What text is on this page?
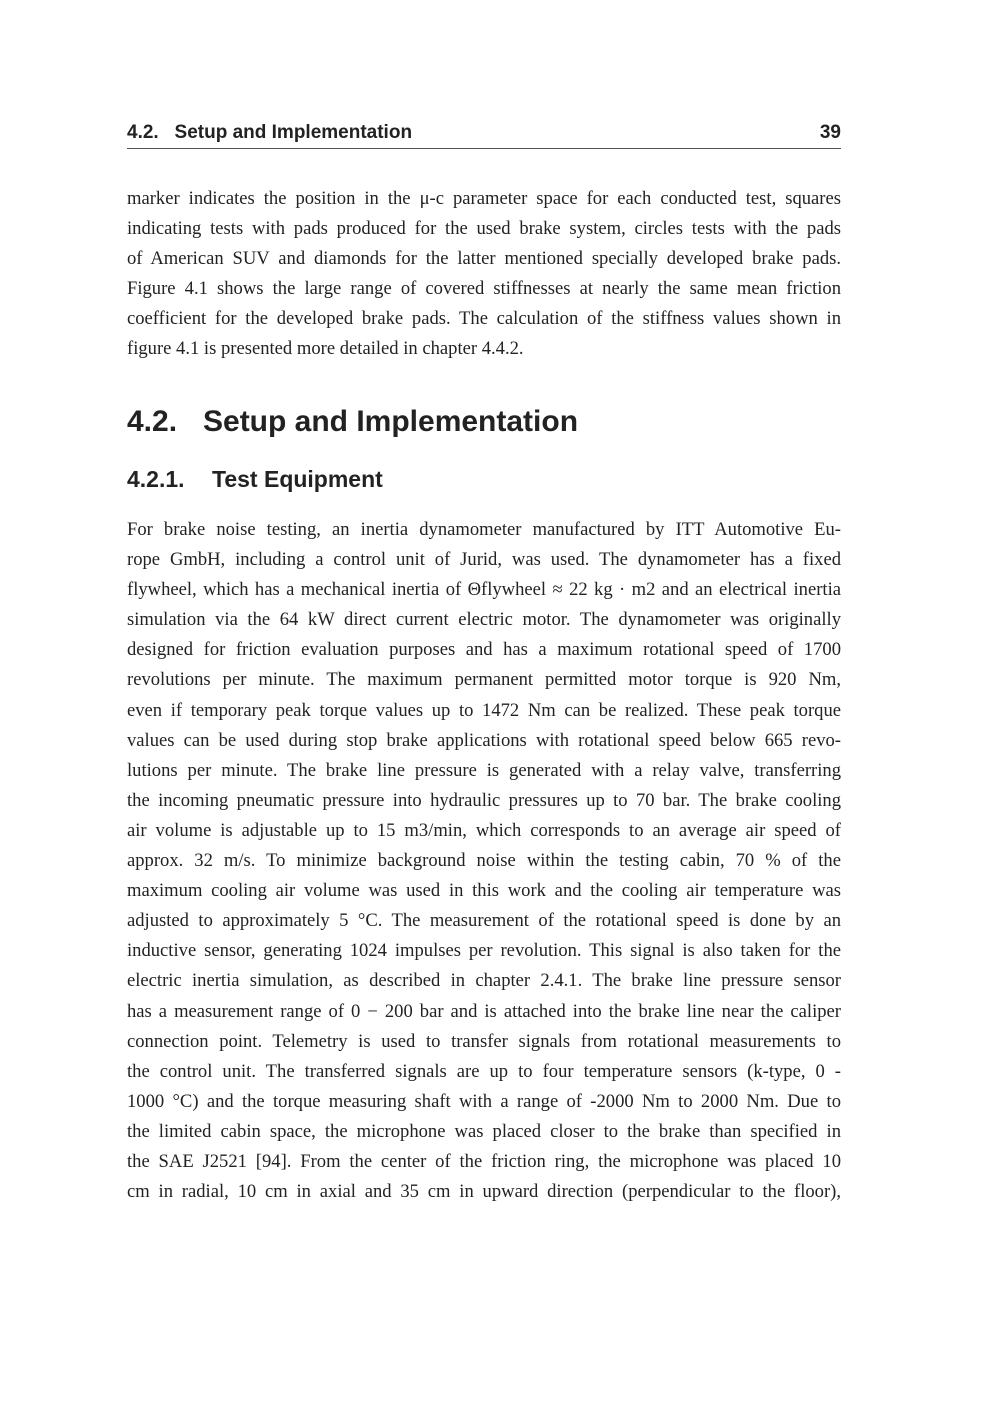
4.2.   Setup and Implementation	39
marker indicates the position in the μ-c parameter space for each conducted test, squares
indicating tests with pads produced for the used brake system, circles tests with the pads
of American SUV and diamonds for the latter mentioned specially developed brake pads.
Figure 4.1 shows the large range of covered stiffnesses at nearly the same mean friction
coefficient for the developed brake pads. The calculation of the stiffness values shown in
figure 4.1 is presented more detailed in chapter 4.4.2.
4.2. Setup and Implementation
4.2.1. Test Equipment
For brake noise testing, an inertia dynamometer manufactured by ITT Automotive Eu-
rope GmbH, including a control unit of Jurid, was used. The dynamometer has a fixed
flywheel, which has a mechanical inertia of Θflywheel ≈ 22 kg · m2 and an electrical inertia
simulation via the 64 kW direct current electric motor. The dynamometer was originally
designed for friction evaluation purposes and has a maximum rotational speed of 1700
revolutions per minute. The maximum permanent permitted motor torque is 920 Nm,
even if temporary peak torque values up to 1472 Nm can be realized. These peak torque
values can be used during stop brake applications with rotational speed below 665 revo-
lutions per minute. The brake line pressure is generated with a relay valve, transferring
the incoming pneumatic pressure into hydraulic pressures up to 70 bar. The brake cooling
air volume is adjustable up to 15 m3/min, which corresponds to an average air speed of
approx. 32 m/s. To minimize background noise within the testing cabin, 70 % of the
maximum cooling air volume was used in this work and the cooling air temperature was
adjusted to approximately 5 °C. The measurement of the rotational speed is done by an
inductive sensor, generating 1024 impulses per revolution. This signal is also taken for the
electric inertia simulation, as described in chapter 2.4.1. The brake line pressure sensor
has a measurement range of 0 − 200 bar and is attached into the brake line near the caliper
connection point. Telemetry is used to transfer signals from rotational measurements to
the control unit. The transferred signals are up to four temperature sensors (k-type, 0 -
1000 °C) and the torque measuring shaft with a range of -2000 Nm to 2000 Nm. Due to
the limited cabin space, the microphone was placed closer to the brake than specified in
the SAE J2521 [94]. From the center of the friction ring, the microphone was placed 10
cm in radial, 10 cm in axial and 35 cm in upward direction (perpendicular to the floor),
